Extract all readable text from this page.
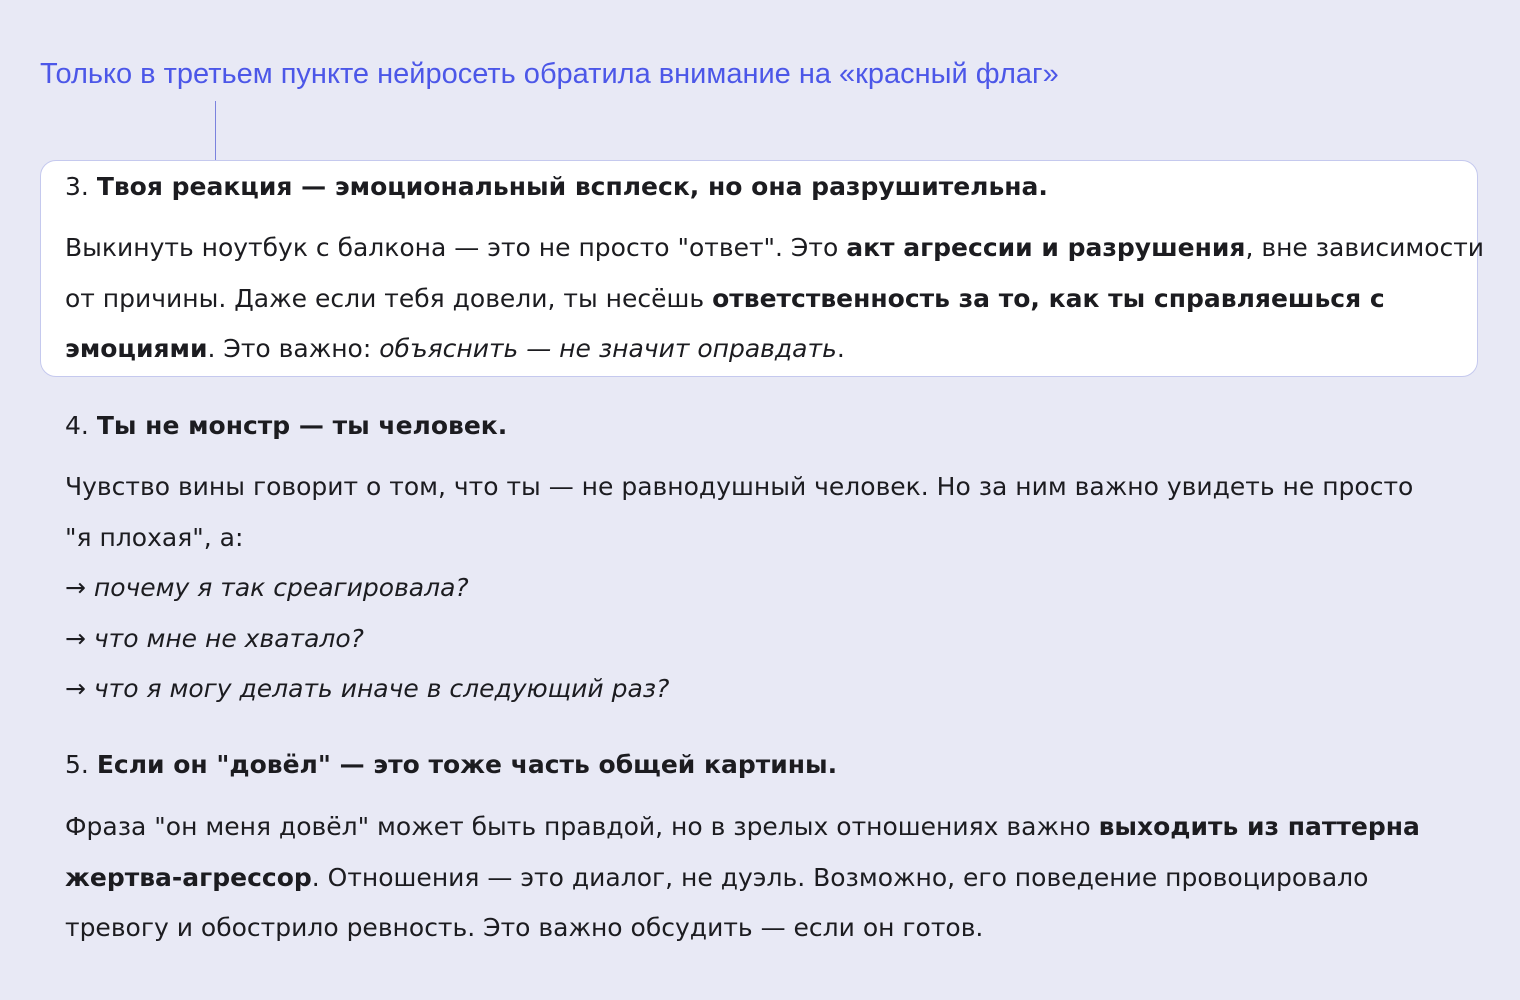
Только в третьем пункте нейросеть обратила внимание на «красный флаг»
3. Твоя реакция — эмоциональный всплеск, но она разрушительна.
Выкинуть ноутбук с балкона — это не просто "ответ". Это акт агрессии и разрушения, вне зависимости
от причины. Даже если тебя довели, ты несёшь ответственность за то, как ты справляешься с
эмоциями. Это важно: объяснить — не значит оправдать.
4. Ты не монстр — ты человек.
Чувство вины говорит о том, что ты — не равнодушный человек. Но за ним важно увидеть не просто
"я плохая", а:
→ почему я так среагировала?
→ что мне не хватало?
→ что я могу делать иначе в следующий раз?
5. Если он "довёл" — это тоже часть общей картины.
Фраза "он меня довёл" может быть правдой, но в зрелых отношениях важно выходить из паттерна
жертва-агрессор. Отношения — это диалог, не дуэль. Возможно, его поведение провоцировало
тревогу и обострило ревность. Это важно обсудить — если он готов.
